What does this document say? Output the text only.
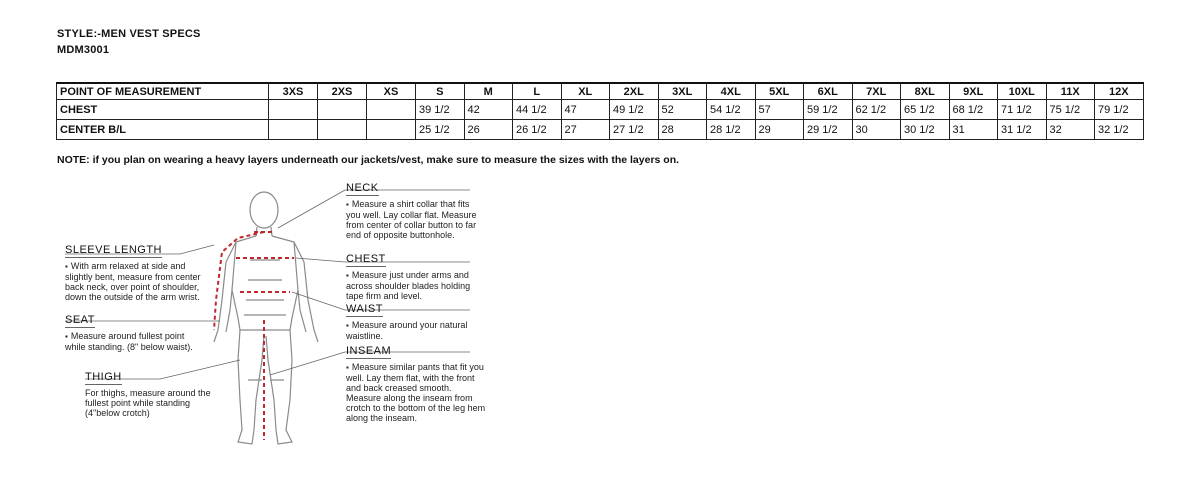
STYLE:-MEN VEST SPECS
MDM3001
POINT OF MEASUREMENT	3XS	2XS	XS	S	M	L	XL	2XL	3XL	4XL	5XL	6XL	7XL	8XL	9XL	10XL	11X	12X
CHEST				39 1/2	42	44 1/2	47	49 1/2	52	54 1/2	57	59 1/2	62 1/2	65 1/2	68 1/2	71 1/2	75 1/2	79 1/2
CENTER B/L				25 1/2	26	26 1/2	27	27 1/2	28	28 1/2	29	29 1/2	30	30 1/2	31	31 1/2	32	32 1/2
NOTE: if you plan on wearing a heavy layers underneath our jackets/vest, make sure to measure the sizes with the layers on.
NECK
▪ Measure a shirt collar that fits you well. Lay collar flat. Measure from center of collar button to far end of opposite buttonhole.
CHEST
▪ Measure just under arms and across shoulder blades holding tape firm and level.
WAIST
▪ Measure around your natural waistline.
INSEAM
▪ Measure similar pants that fit you well. Lay them flat, with the front and back creased smooth. Measure along the inseam from crotch to the bottom of the leg hem along the inseam.
SLEEVE LENGTH
▪ With arm relaxed at side and slightly bent, measure from center back neck, over point of shoulder, down the outside of the arm wrist.
SEAT
▪ Measure around fullest point while standing. (8" below waist).
THIGH
For thighs, measure around the fullest point while standing (4"below crotch)
